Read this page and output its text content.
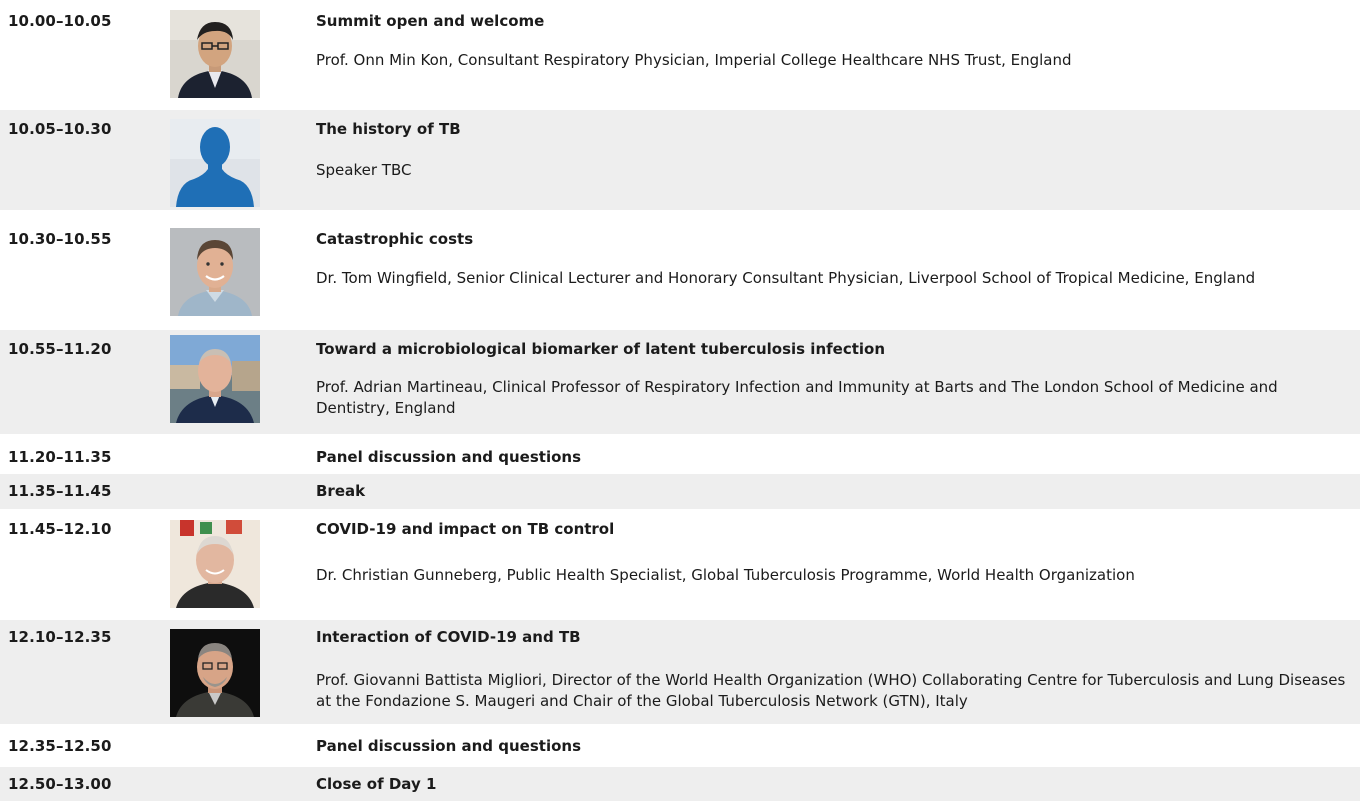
10.00–10.05	Summit open and welcome
Prof. Onn Min Kon, Consultant Respiratory Physician, Imperial College Healthcare NHS Trust, England
10.05–10.30	The history of TB
Speaker TBC
10.30–10.55	Catastrophic costs
Dr. Tom Wingfield, Senior Clinical Lecturer and Honorary Consultant Physician, Liverpool School of Tropical Medicine, England
10.55–11.20	Toward a microbiological biomarker of latent tuberculosis infection
Prof. Adrian Martineau, Clinical Professor of Respiratory Infection and Immunity at Barts and The London School of Medicine and Dentistry, England
11.20–11.35	Panel discussion and questions
11.35–11.45	Break
11.45–12.10	COVID-19 and impact on TB control
Dr. Christian Gunneberg, Public Health Specialist, Global Tuberculosis Programme, World Health Organization
12.10–12.35	Interaction of COVID-19 and TB
Prof. Giovanni Battista Migliori, Director of the World Health Organization (WHO) Collaborating Centre for Tuberculosis and Lung Diseases at the Fondazione S. Maugeri and Chair of the Global Tuberculosis Network (GTN), Italy
12.35–12.50	Panel discussion and questions
12.50–13.00	Close of Day 1
